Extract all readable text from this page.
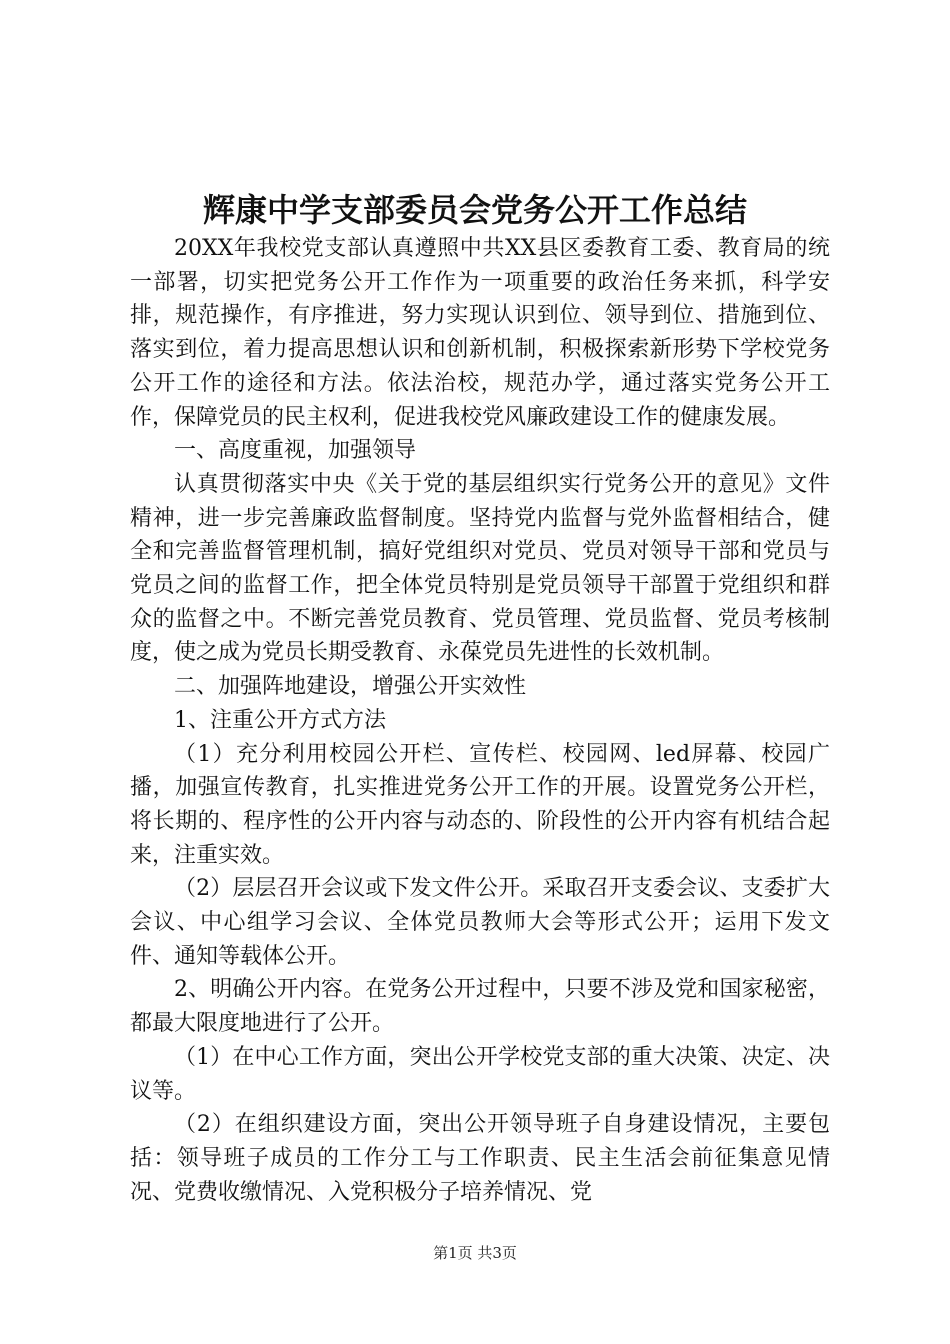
辉康中学支部委员会党务公开工作总结

20XX年我校党支部认真遵照中共XX县区委教育工委、教育局的统一部署，切实把党务公开工作作为一项重要的政治任务来抓，科学安排，规范操作，有序推进，努力实现认识到位、领导到位、措施到位、落实到位，着力提高思想认识和创新机制，积极探索新形势下学校党务公开工作的途径和方法。依法治校，规范办学，通过落实党务公开工作，保障党员的民主权利，促进我校党风廉政建设工作的健康发展。

一、高度重视，加强领导

认真贯彻落实中央《关于党的基层组织实行党务公开的意见》文件精神，进一步完善廉政监督制度。坚持党内监督与党外监督相结合，健全和完善监督管理机制，搞好党组织对党员、党员对领导干部和党员与党员之间的监督工作，把全体党员特别是党员领导干部置于党组织和群众的监督之中。不断完善党员教育、党员管理、党员监督、党员考核制度，使之成为党员长期受教育、永葆党员先进性的长效机制。

二、加强阵地建设，增强公开实效性

1、注重公开方式方法

（1）充分利用校园公开栏、宣传栏、校园网、led屏幕、校园广播，加强宣传教育，扎实推进党务公开工作的开展。设置党务公开栏，将长期的、程序性的公开内容与动态的、阶段性的公开内容有机结合起来，注重实效。

（2）层层召开会议或下发文件公开。采取召开支委会议、支委扩大会议、中心组学习会议、全体党员教师大会等形式公开；运用下发文件、通知等载体公开。

2、明确公开内容。在党务公开过程中，只要不涉及党和国家秘密，都最大限度地进行了公开。

（1）在中心工作方面，突出公开学校党支部的重大决策、决定、决议等。

（2）在组织建设方面，突出公开领导班子自身建设情况，主要包括：领导班子成员的工作分工与工作职责、民主生活会前征集意见情况、党费收缴情况、入党积极分子培养情况、党

第1页 共3页
